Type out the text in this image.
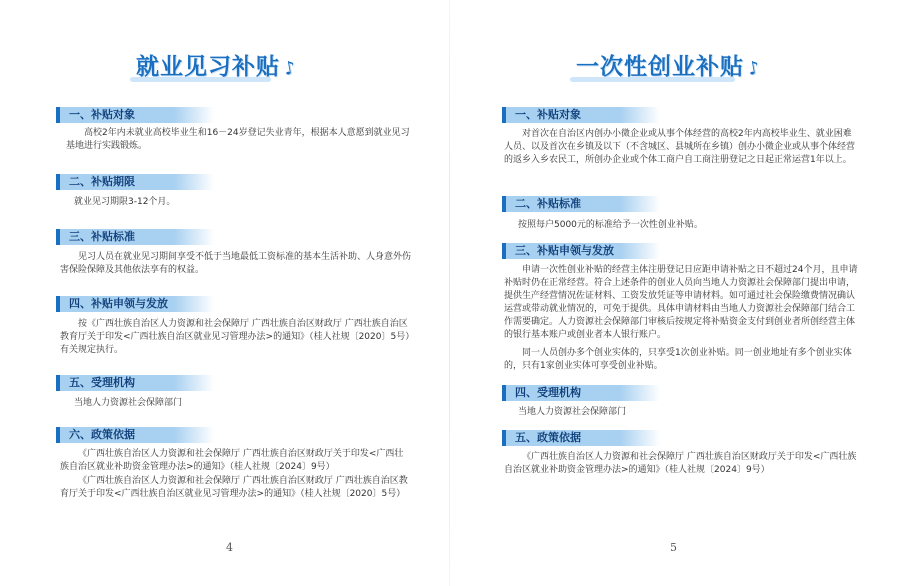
就业见习补贴 ♪
一、补贴对象
高校2年内未就业高校毕业生和16－24岁登记失业青年，根据本人意愿到就业见习基地进行实践锻炼。
二、补贴期限
就业见习期限3-12个月。
三、补贴标准
见习人员在就业见习期间享受不低于当地最低工资标准的基本生活补助、人身意外伤害保险保障及其他依法享有的权益。
四、补贴申领与发放
按《广西壮族自治区人力资源和社会保障厅 广西壮族自治区财政厅 广西壮族自治区教育厅关于印发<广西壮族自治区就业见习管理办法>的通知》（桂人社规〔2020〕5号）有关规定执行。
五、受理机构
当地人力资源社会保障部门
六、政策依据
《广西壮族自治区人力资源和社会保障厅 广西壮族自治区财政厅关于印发<广西壮族自治区就业补助资金管理办法>的通知》（桂人社规〔2024〕9号）
《广西壮族自治区人力资源和社会保障厅 广西壮族自治区财政厅 广西壮族自治区教育厅关于印发<广西壮族自治区就业见习管理办法>的通知》（桂人社规〔2020〕5号）
4
一次性创业补贴 ♪
一、补贴对象
对首次在自治区内创办小微企业或从事个体经营的高校2年内高校毕业生、就业困难人员、以及首次在乡镇及以下（不含城区、县城所在乡镇）创办小微企业或从事个体经营的返乡入乡农民工，所创办企业或个体工商户自工商注册登记之日起正常运营1年以上。
二、补贴标准
按照每户5000元的标准给予一次性创业补贴。
三、补贴申领与发放
申请一次性创业补贴的经营主体注册登记日应距申请补贴之日不超过24个月，且申请补贴时仍在正常经营。符合上述条件的创业人员向当地人力资源社会保障部门提出申请，提供生产经营情况佐证材料、工资发放凭证等申请材料。如可通过社会保险缴费情况确认运营或带动就业情况的，可免于提供。具体申请材料由当地人力资源社会保障部门结合工作需要确定。人力资源社会保障部门审核后按规定将补贴资金支付到创业者所创经营主体的银行基本账户或创业者本人银行账户。
同一人员创办多个创业实体的，只享受1次创业补贴。同一创业地址有多个创业实体的，只有1家创业实体可享受创业补贴。
四、受理机构
当地人力资源社会保障部门
五、政策依据
《广西壮族自治区人力资源和社会保障厅 广西壮族自治区财政厅关于印发<广西壮族自治区就业补助资金管理办法>的通知》（桂人社规〔2024〕9号）
5
